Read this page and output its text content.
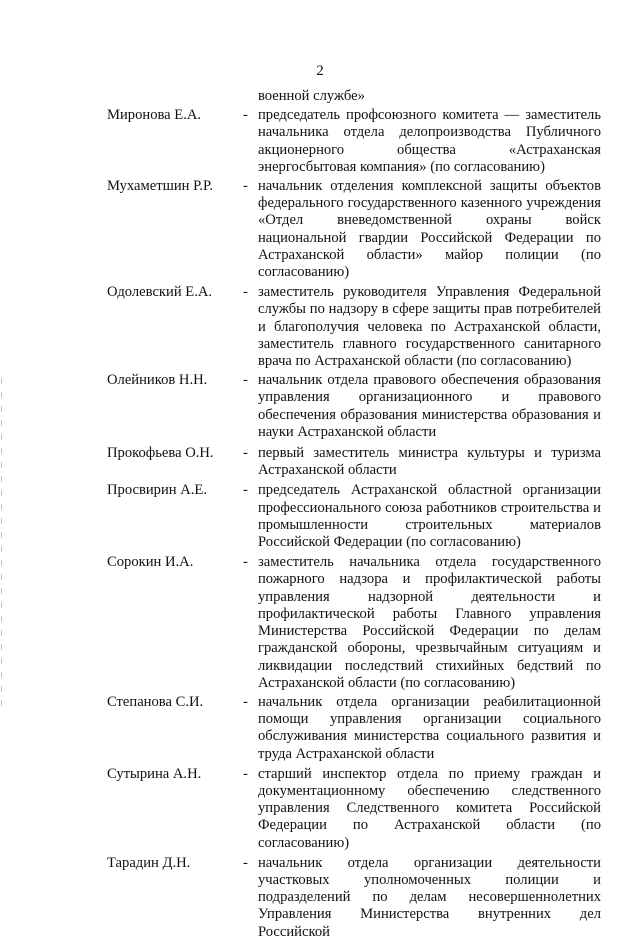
2
военной службе»
Миронова Е.А.	- председатель профсоюзного комитета — заместитель начальника отдела делопроизводства Публичного акционерного общества «Астраханская энергосбытовая компания» (по согласованию)
Мухаметшин Р.Р. - начальник отделения комплексной защиты объектов федерального государственного казенного учреждения «Отдел вневедомственной охраны войск национальной гвардии Российской Федерации по Астраханской области» майор полиции (по согласованию)
Одолевский Е.А. - заместитель руководителя Управления Федеральной службы по надзору в сфере защиты прав потребителей и благополучия человека по Астраханской области, заместитель главного государственного санитарного врача по Астраханской области (по согласованию)
Олейников Н.Н. - начальник отдела правового обеспечения образования управления организационного и правового обеспечения образования министерства образования и науки Астраханской области
Прокофьева О.Н. - первый заместитель министра культуры и туризма Астраханской области
Просвирин А.Е. - председатель Астраханской областной организации профессионального союза работников строительства и промышленности строительных материалов Российской Федерации (по согласованию)
Сорокин И.А.	- заместитель начальника отдела государственного пожарного надзора и профилактической работы управления надзорной деятельности и профилактической работы Главного управления Министерства Российской Федерации по делам гражданской обороны, чрезвычайным ситуациям и ликвидации последствий стихийных бедствий по Астраханской области (по согласованию)
Степанова С.И.	- начальник отдела организации реабилитационной помощи управления организации социального обслуживания министерства социального развития и труда Астраханской области
Сутырина А.Н.	- старший инспектор отдела по приему граждан и документационному обеспечению следственного управления Следственного комитета Российской Федерации по Астраханской области (по согласованию)
Тарадин Д.Н.	- начальник отдела организации деятельности участковых уполномоченных полиции и подразделений по делам несовершеннолетних Управления Министерства внутренних дел Российской
